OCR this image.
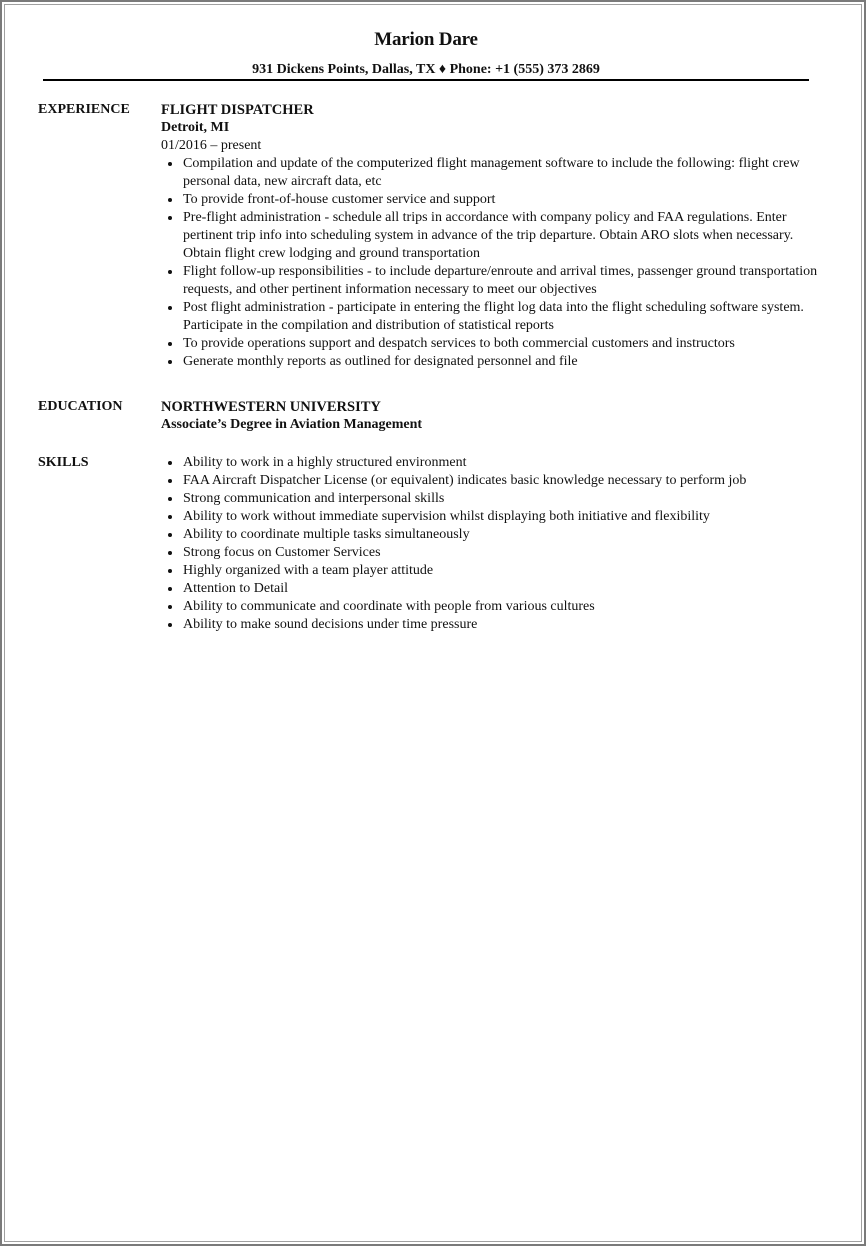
Marion Dare
931 Dickens Points, Dallas, TX ♦ Phone: +1 (555) 373 2869
EXPERIENCE FLIGHT DISPATCHER
Detroit, MI
01/2016 – present
Compilation and update of the computerized flight management software to include the following: flight crew personal data, new aircraft data, etc
To provide front-of-house customer service and support
Pre-flight administration - schedule all trips in accordance with company policy and FAA regulations. Enter pertinent trip info into scheduling system in advance of the trip departure. Obtain ARO slots when necessary. Obtain flight crew lodging and ground transportation
Flight follow-up responsibilities - to include departure/enroute and arrival times, passenger ground transportation requests, and other pertinent information necessary to meet our objectives
Post flight administration - participate in entering the flight log data into the flight scheduling software system. Participate in the compilation and distribution of statistical reports
To provide operations support and despatch services to both commercial customers and instructors
Generate monthly reports as outlined for designated personnel and file
EDUCATION	NORTHWESTERN UNIVERSITY
Associate’s Degree in Aviation Management
SKILLS	Ability to work in a highly structured environment
FAA Aircraft Dispatcher License (or equivalent) indicates basic knowledge necessary to perform job
Strong communication and interpersonal skills
Ability to work without immediate supervision whilst displaying both initiative and flexibility
Ability to coordinate multiple tasks simultaneously
Strong focus on Customer Services
Highly organized with a team player attitude
Attention to Detail
Ability to communicate and coordinate with people from various cultures
Ability to make sound decisions under time pressure
